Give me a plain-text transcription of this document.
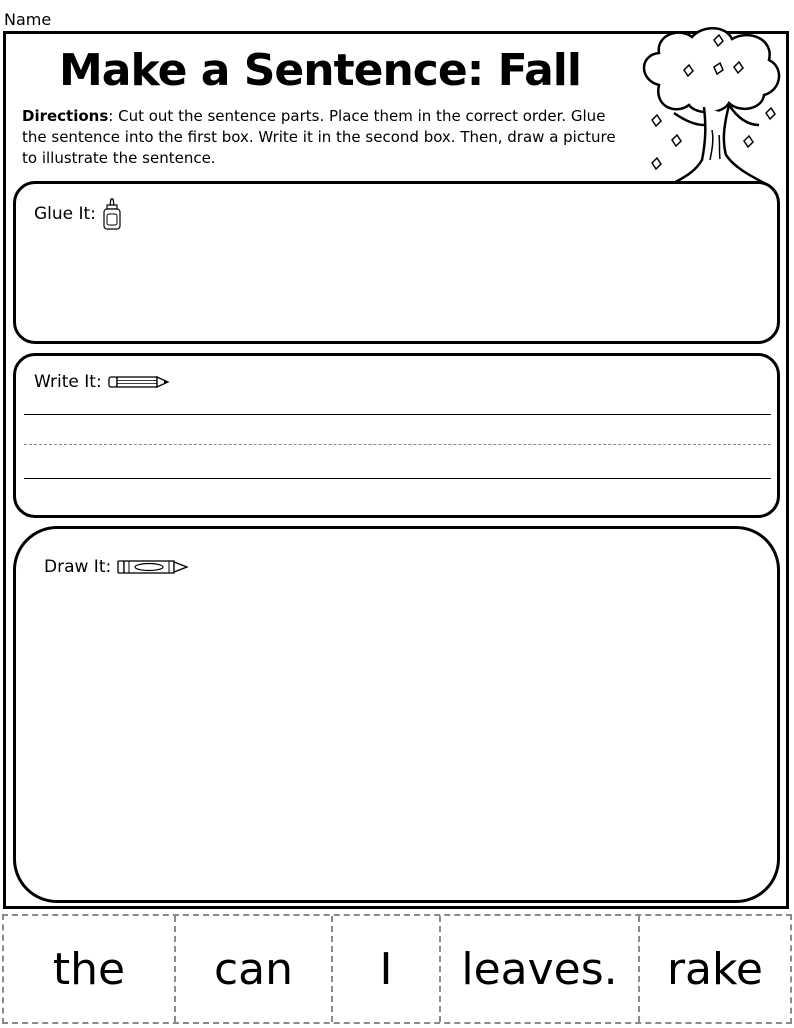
Name
Make a Sentence: Fall
Directions: Cut out the sentence parts. Place them in the correct order. Glue the sentence into the first box. Write it in the second box. Then, draw a picture to illustrate the sentence.
Glue It:
Write It:
Draw It:
the	can	I	leaves.	rake
